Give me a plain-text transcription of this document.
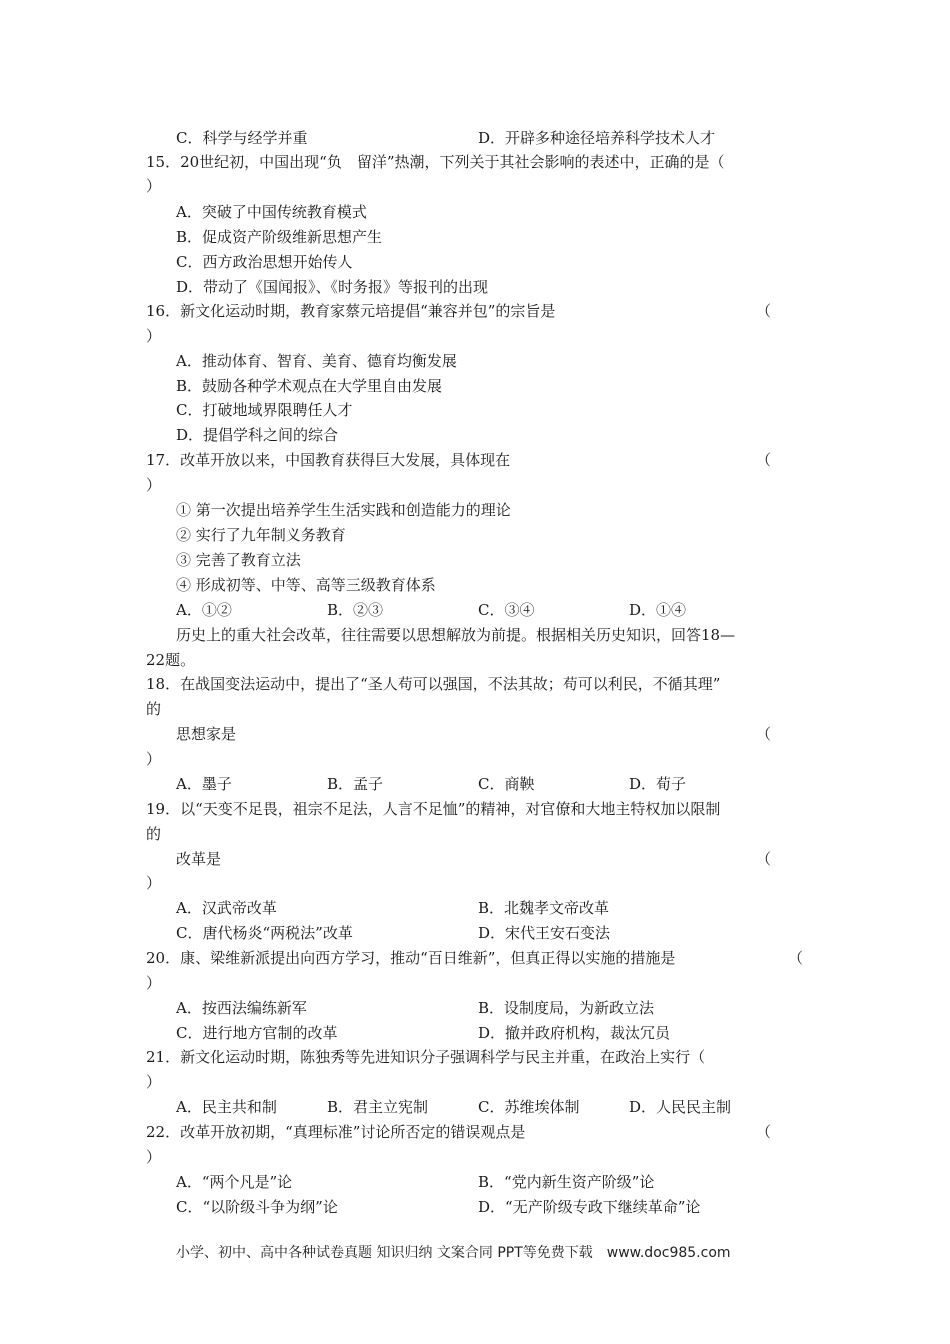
C．科学与经学并重	D．开辟多种途径培养科学技术人才
15．20世纪初，中国出现“负　留洋”热潮，下列关于其社会影响的表述中，正确的是（
）
A．突破了中国传统教育模式
B．促成资产阶级维新思想产生
C．西方政治思想开始传人
D．带动了《国闻报》、《时务报》等报刊的出现
16．新文化运动时期，教育家蔡元培提倡“兼容并包”的宗旨是	（
）
A．推动体育、智育、美育、德育均衡发展
B．鼓励各种学术观点在大学里自由发展
C．打破地域界限聘任人才
D．提倡学科之间的综合
17．改革开放以来，中国教育获得巨大发展，具体现在	（
）
① 第一次提出培养学生生活实践和创造能力的理论
② 实行了九年制义务教育
③ 完善了教育立法
④ 形成初等、中等、高等三级教育体系
A．①②	B．②③	C．③④	D．①④
历史上的重大社会改革，往往需要以思想解放为前提。根据相关历史知识，回答18—
22题。
18．在战国变法运动中，提出了“圣人苟可以强国，不法其故；苟可以利民，不循其理”
的
思想家是	（
）
A．墨子	B．孟子	C．商鞅	D．荀子
19．以“天变不足畏，祖宗不足法，人言不足恤”的精神，对官僚和大地主特权加以限制
的
改革是	（
）
A．汉武帝改革	B．北魏孝文帝改革
C．唐代杨炎“两税法”改革	D．宋代王安石变法
20．康、梁维新派提出向西方学习，推动“百日维新”，但真正得以实施的措施是	（
）
A．按西法编练新军	B．设制度局，为新政立法
C．进行地方官制的改革	D．撤并政府机构，裁汰冗员
21．新文化运动时期，陈独秀等先进知识分子强调科学与民主并重，在政治上实行（
）
A．民主共和制	B．君主立宪制	C．苏维埃体制	D．人民民主制
22．改革开放初期，“真理标准”讨论所否定的错误观点是	（
）
A．“两个凡是”论	B．“党内新生资产阶级”论
C．“以阶级斗争为纲”论	D．“无产阶级专政下继续革命”论
小学、初中、高中各种试卷真题 知识归纳 文案合同 PPT等免费下载　www.doc985.com
